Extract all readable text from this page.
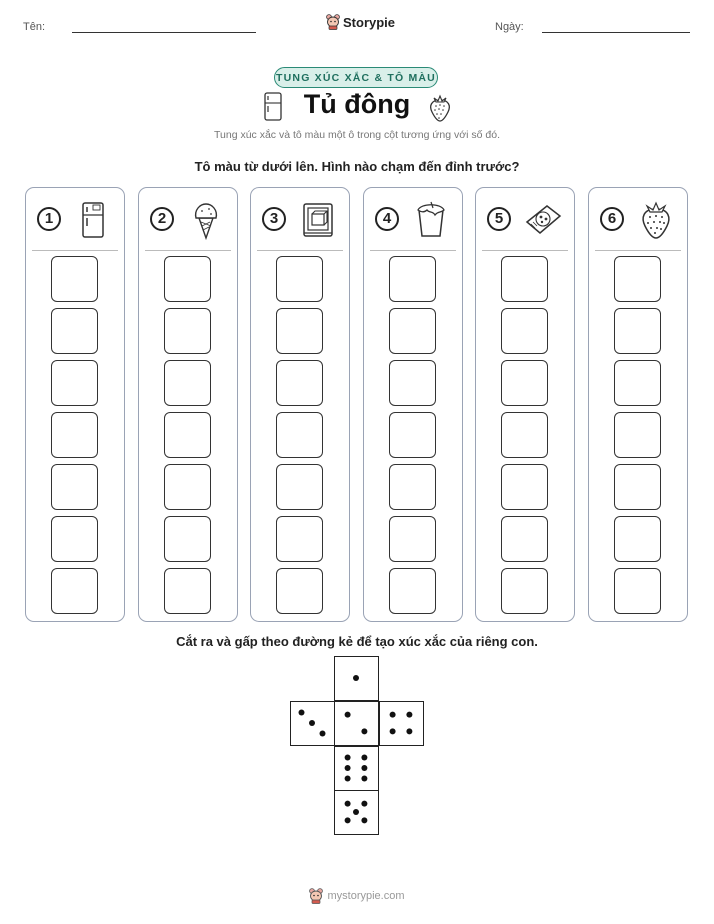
Tên:	Storypie	Ngày:
TUNG XÚC XẮC & TÔ MÀU
Tủ đông
Tung xúc xắc và tô màu một ô trong cột tương ứng với số đó.
Tô màu từ dưới lên. Hình nào chạm đến đỉnh trước?
1	2	3	4	5	6
Cắt ra và gấp theo đường kẻ để tạo xúc xắc của riêng con.
mystorypie.com
